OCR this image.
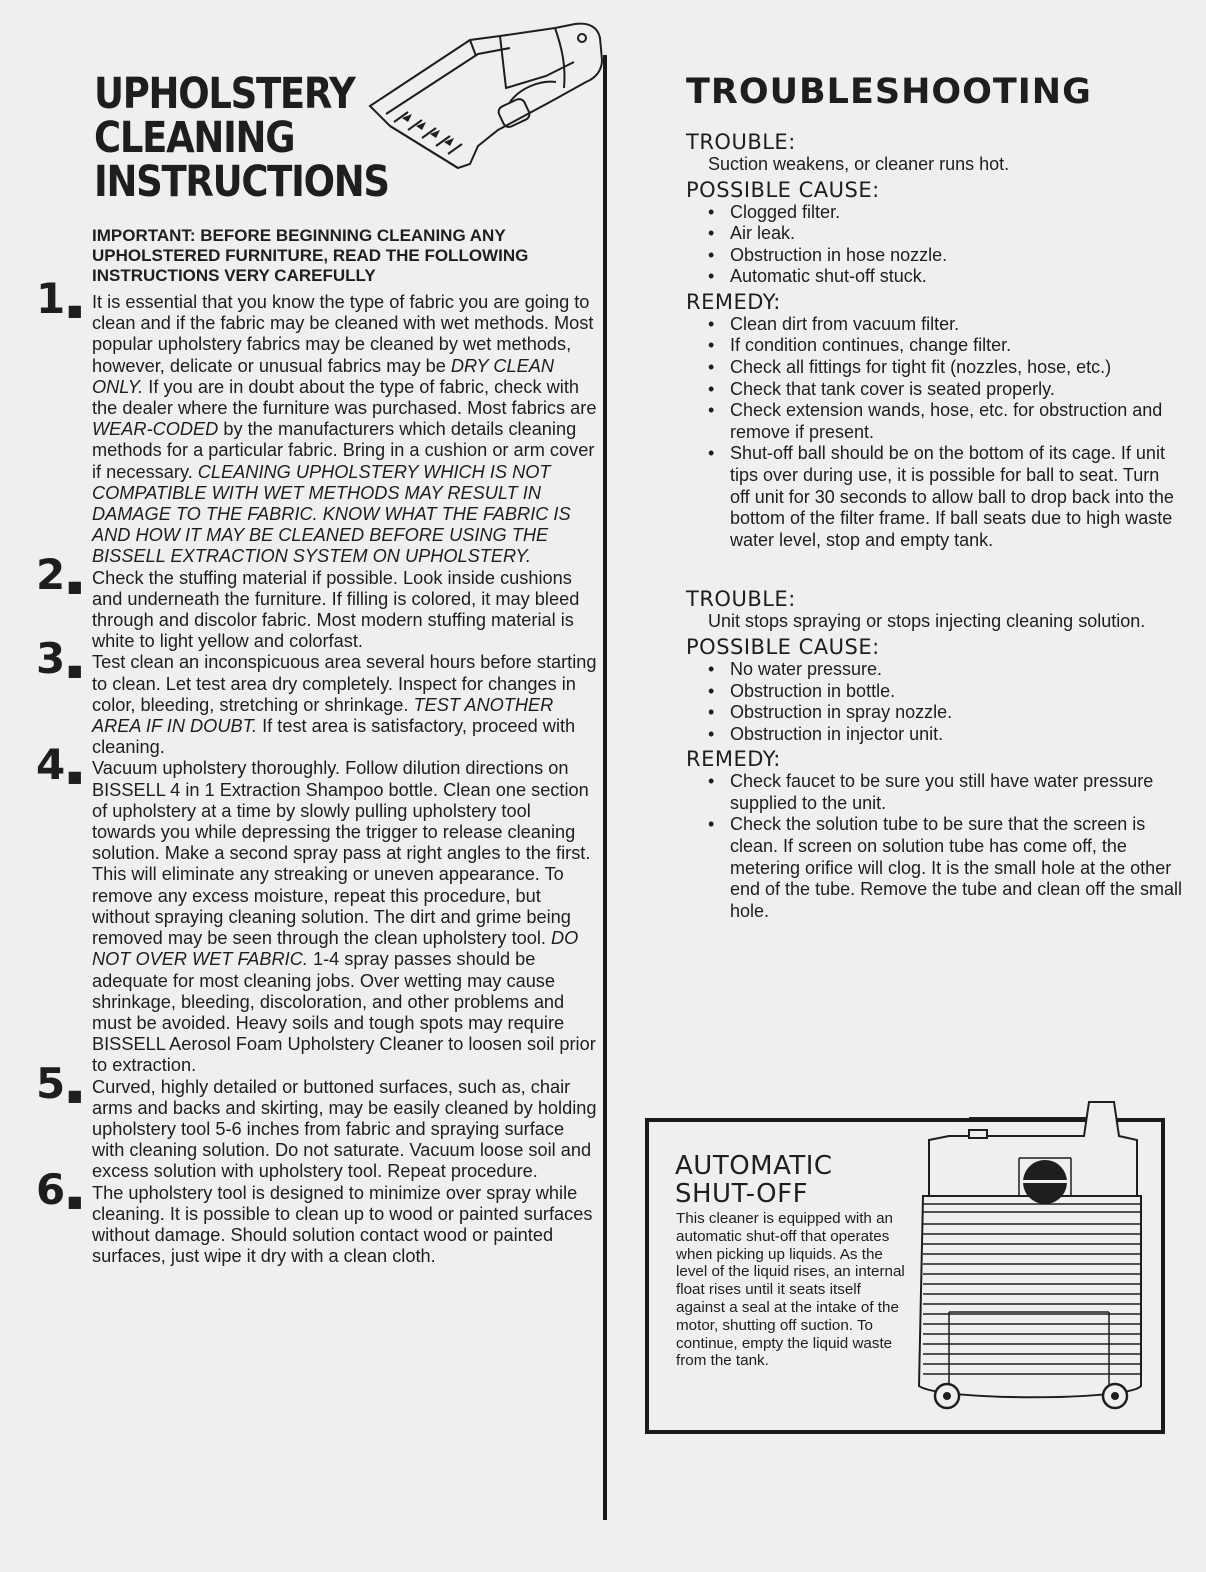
UPHOLSTERY
CLEANING
INSTRUCTIONS

IMPORTANT: BEFORE BEGINNING CLEANING ANY UPHOLSTERED FURNITURE, READ THE FOLLOWING INSTRUCTIONS VERY CAREFULLY

1 ■ It is essential that you know the type of fabric you are going to clean and if the fabric may be cleaned with wet methods. Most popular upholstery fabrics may be cleaned by wet methods, however, delicate or unusual fabrics may be DRY CLEAN ONLY. If you are in doubt about the type of fabric, check with the dealer where the furniture was purchased. Most fabrics are WEAR-CODED by the manufacturers which details cleaning methods for a particular fabric. Bring in a cushion or arm cover if necessary. CLEANING UPHOLSTERY WHICH IS NOT COMPATIBLE WITH WET METHODS MAY RESULT IN DAMAGE TO THE FABRIC. KNOW WHAT THE FABRIC IS AND HOW IT MAY BE CLEANED BEFORE USING THE BISSELL EXTRACTION SYSTEM ON UPHOLSTERY.

2 ■ Check the stuffing material if possible. Look inside cushions and underneath the furniture. If filling is colored, it may bleed through and discolor fabric. Most modern stuffing material is white to light yellow and colorfast.

3 ■ Test clean an inconspicuous area several hours before starting to clean. Let test area dry completely. Inspect for changes in color, bleeding, stretching or shrinkage. TEST ANOTHER AREA IF IN DOUBT. If test area is satisfactory, proceed with cleaning.

4 ■ Vacuum upholstery thoroughly. Follow dilution directions on BISSELL 4 in 1 Extraction Shampoo bottle. Clean one section of upholstery at a time by slowly pulling upholstery tool towards you while depressing the trigger to release cleaning solution. Make a second spray pass at right angles to the first. This will eliminate any streaking or uneven appearance. To remove any excess moisture, repeat this procedure, but without spraying cleaning solution. The dirt and grime being removed may be seen through the clean upholstery tool. DO NOT OVER WET FABRIC. 1-4 spray passes should be adequate for most cleaning jobs. Over wetting may cause shrinkage, bleeding, discoloration, and other problems and must be avoided. Heavy soils and tough spots may require BISSELL Aerosol Foam Upholstery Cleaner to loosen soil prior to extraction.

5 ■ Curved, highly detailed or buttoned surfaces, such as, chair arms and backs and skirting, may be easily cleaned by holding upholstery tool 5-6 inches from fabric and spraying surface with cleaning solution. Do not saturate. Vacuum loose soil and excess solution with upholstery tool. Repeat procedure.

6 ■ The upholstery tool is designed to minimize over spray while cleaning. It is possible to clean up to wood or painted surfaces without damage. Should solution contact wood or painted surfaces, just wipe it dry with a clean cloth.

TROUBLESHOOTING
TROUBLE:

Suction weakens, or cleaner runs hot.

POSSIBLE CAUSE:
• Clogged filter.
• Air leak.
• Obstruction in hose nozzle.
• Automatic shut-off stuck.
REMEDY:
• Clean dirt from vacuum filter.
• If condition continues, change filter.
• Check all fittings for tight fit (nozzles, hose, etc.)
• Check that tank cover is seated properly.
• Check extension wands, hose, etc. for obstruction and remove if present.
• Shut-off ball should be on the bottom of its cage. If unit tips over during use, it is possible for ball to seat. Turn off unit for 30 seconds to allow ball to drop back into the bottom of the filter frame. If ball seats due to high waste water level, stop and empty tank.
TROUBLE:

Unit stops spraying or stops injecting cleaning solution.

POSSIBLE CAUSE:
• No water pressure.
• Obstruction in bottle.
• Obstruction in spray nozzle.
• Obstruction in injector unit.
REMEDY:
• Check faucet to be sure you still have water pressure supplied to the unit.
• Check the solution tube to be sure that the screen is clean. If screen on solution tube has come off, the metering orifice will clog. It is the small hole at the other end of the tube. Remove the tube and clean off the small hole.
AUTOMATIC
SHUT-OFF

This cleaner is equipped with an automatic shut-off that operates when picking up liquids. As the level of the liquid rises, an internal float rises until it seats itself against a seal at the intake of the motor, shutting off suction. To continue, empty the liquid waste from the tank.
